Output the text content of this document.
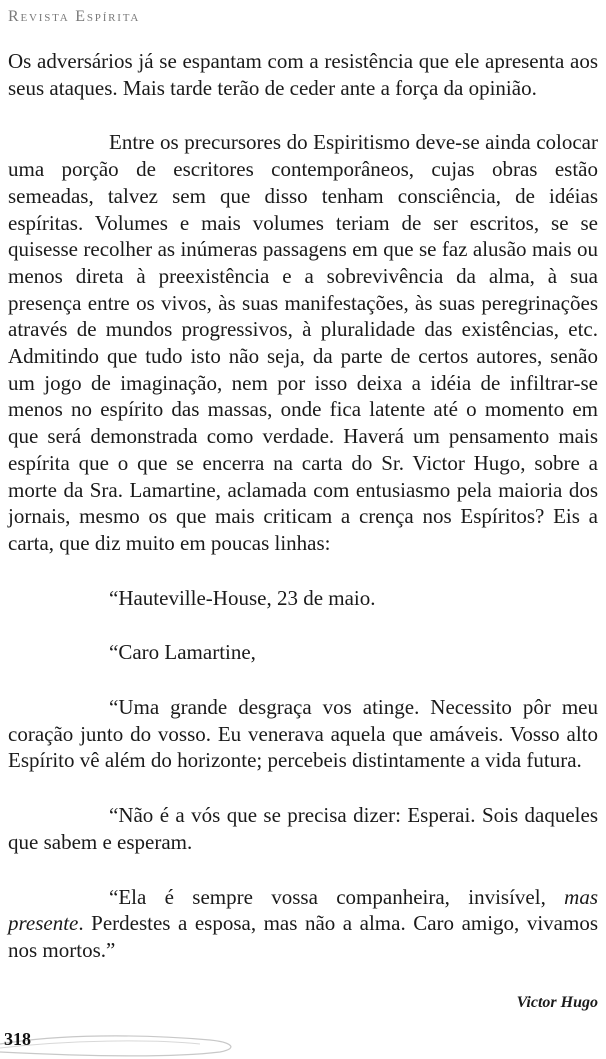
Revista Espírita

Os adversários já se espantam com a resistência que ele apresenta aos seus ataques. Mais tarde terão de ceder ante a força da opinião.

Entre os precursores do Espiritismo deve-se ainda colocar uma porção de escritores contemporâneos, cujas obras estão semeadas, talvez sem que disso tenham consciência, de idéias espíritas. Volumes e mais volumes teriam de ser escritos, se se quisesse recolher as inúmeras passagens em que se faz alusão mais ou menos direta à preexistência e a sobrevivência da alma, à sua presença entre os vivos, às suas manifestações, às suas peregrinações através de mundos progressivos, à pluralidade das existências, etc. Admitindo que tudo isto não seja, da parte de certos autores, senão um jogo de imaginação, nem por isso deixa a idéia de infiltrar-se menos no espírito das massas, onde fica latente até o momento em que será demonstrada como verdade. Haverá um pensamento mais espírita que o que se encerra na carta do Sr. Victor Hugo, sobre a morte da Sra. Lamartine, aclamada com entusiasmo pela maioria dos jornais, mesmo os que mais criticam a crença nos Espíritos? Eis a carta, que diz muito em poucas linhas:

“Hauteville-House, 23 de maio.

“Caro Lamartine,

“Uma grande desgraça vos atinge. Necessito pôr meu coração junto do vosso. Eu venerava aquela que amáveis. Vosso alto Espírito vê além do horizonte; percebeis distintamente a vida futura.

“Não é a vós que se precisa dizer: Esperai. Sois daqueles que sabem e esperam.

“Ela é sempre vossa companheira, invisível, mas presente. Perdestes a esposa, mas não a alma. Caro amigo, vivamos nos mortos.”

Victor Hugo
318
